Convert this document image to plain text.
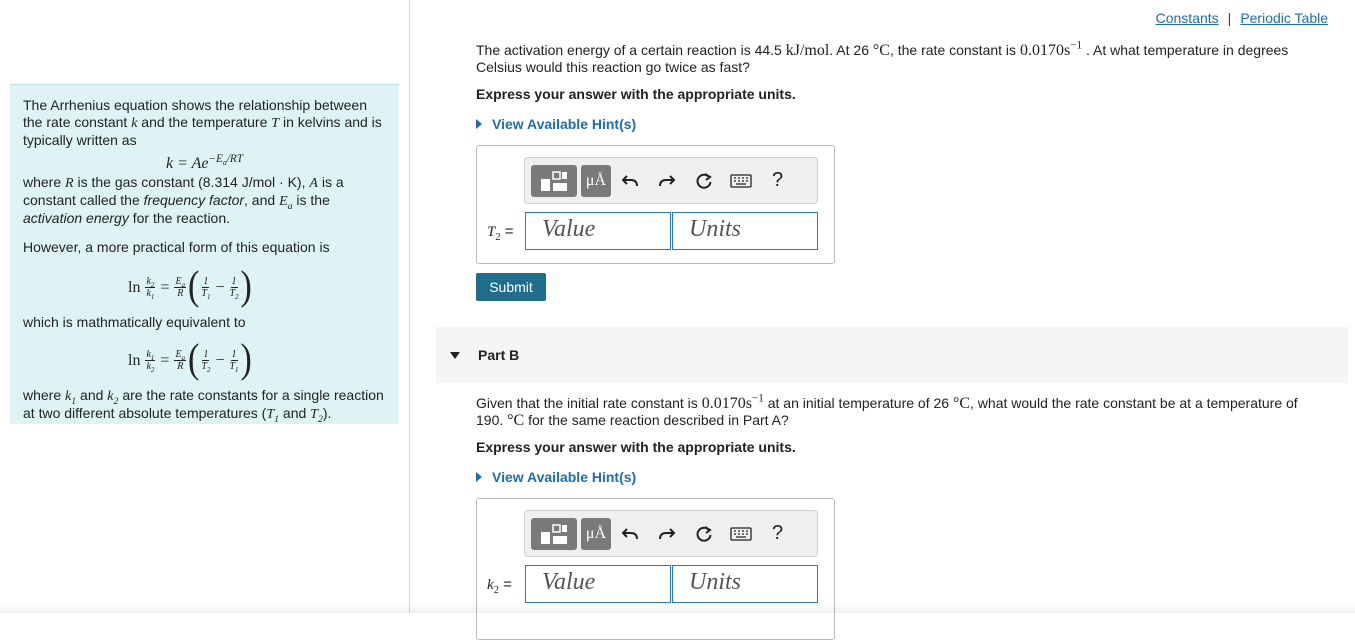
The Arrhenius equation shows the relationship between the rate constant k and the temperature T in kelvins and is typically written as

$k = Ae^{-E_a/RT}$

where R is the gas constant (8.314 J/mol · K), A is a constant called the frequency factor, and $E_a$ is the activation energy for the reaction.

However, a more practical form of this equation is

$\ln \frac{k_2}{k_1} = \frac{E_a}{R}$ ( $\frac{1}{T_1} - \frac{1}{T_2}$ )

which is mathmatically equivalent to

$\ln \frac{k_1}{k_2} = \frac{E_a}{R}$ ( $\frac{1}{T_2} - \frac{1}{T_1}$ )

where $k_1$ and $k_2$ are the rate constants for a single reaction at two different absolute temperatures ($T_1$ and $T_2$).

Constants | Periodic Table
The activation energy of a certain reaction is 44.5 kJ/mol. At 26 °C, the rate constant is $0.0170s^{-1}$ . At what temperature in degrees Celsius would this reaction go twice as fast?
Express your answer with the appropriate units.
View Available Hint(s)
μÅ	?
$T_2$ =	Value	Units
Submit
Part B
Given that the initial rate constant is $0.0170s^{-1}$ at an initial temperature of 26 °C, what would the rate constant be at a temperature of 190. °C for the same reaction described in Part A?
Express your answer with the appropriate units.
View Available Hint(s)
μÅ	?
$k_2$ =	Value	Units
